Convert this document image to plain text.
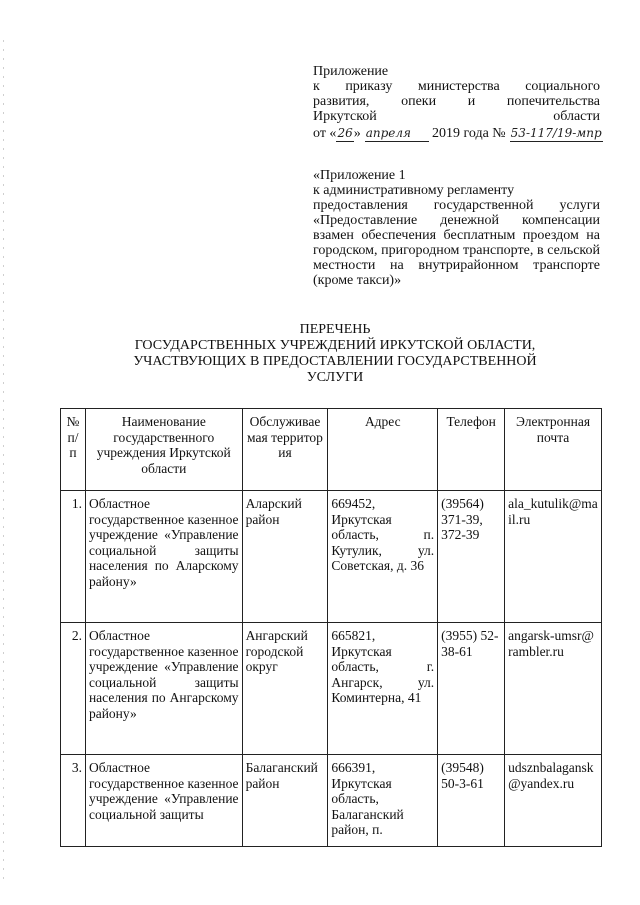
Приложение
к приказу министерства социального
развития, опеки и попечительства
Иркутской	области
от « 26 » апреля	2019 года № 53-117/19-мпр
«Приложение 1
к административному регламенту
предоставления государственной услуги «Предоставление денежной компенсации взамен обеспечения бесплатным проездом на городском, пригородном транспорте, в сельской местности на внутрирайонном транспорте (кроме такси)»
ПЕРЕЧЕНЬ
ГОСУДАРСТВЕННЫХ УЧРЕЖДЕНИЙ ИРКУТСКОЙ ОБЛАСТИ,
УЧАСТВУЮЩИХ В ПРЕДОСТАВЛЕНИИ ГОСУДАРСТВЕННОЙ
УСЛУГИ
№ п/п	Наименование государственного учреждения Иркутской области	Обслуживаемая территория	Адрес	Телефон	Электронная почта
1.	Областное государственное казенное учреждение «Управление социальной защиты населения по Аларскому району»	Аларский район	669452, Иркутская область, п. Кутулик, ул. Советская, д. 36	(39564) 371-39, 372-39	ala_kutulik@mail.ru
2.	Областное государственное казенное учреждение «Управление социальной защиты населения по Ангарскому району»	Ангарский городской округ	665821, Иркутская область, г. Ангарск, ул. Коминтерна, 41	(3955) 52-38-61	angarsk-umsr@rambler.ru
3.	Областное государственное казенное учреждение «Управление социальной защиты	Балаганский район	666391, Иркутская область, Балаганский район, п.	(39548) 50-3-61	udsznbalagansk@yandex.ru
